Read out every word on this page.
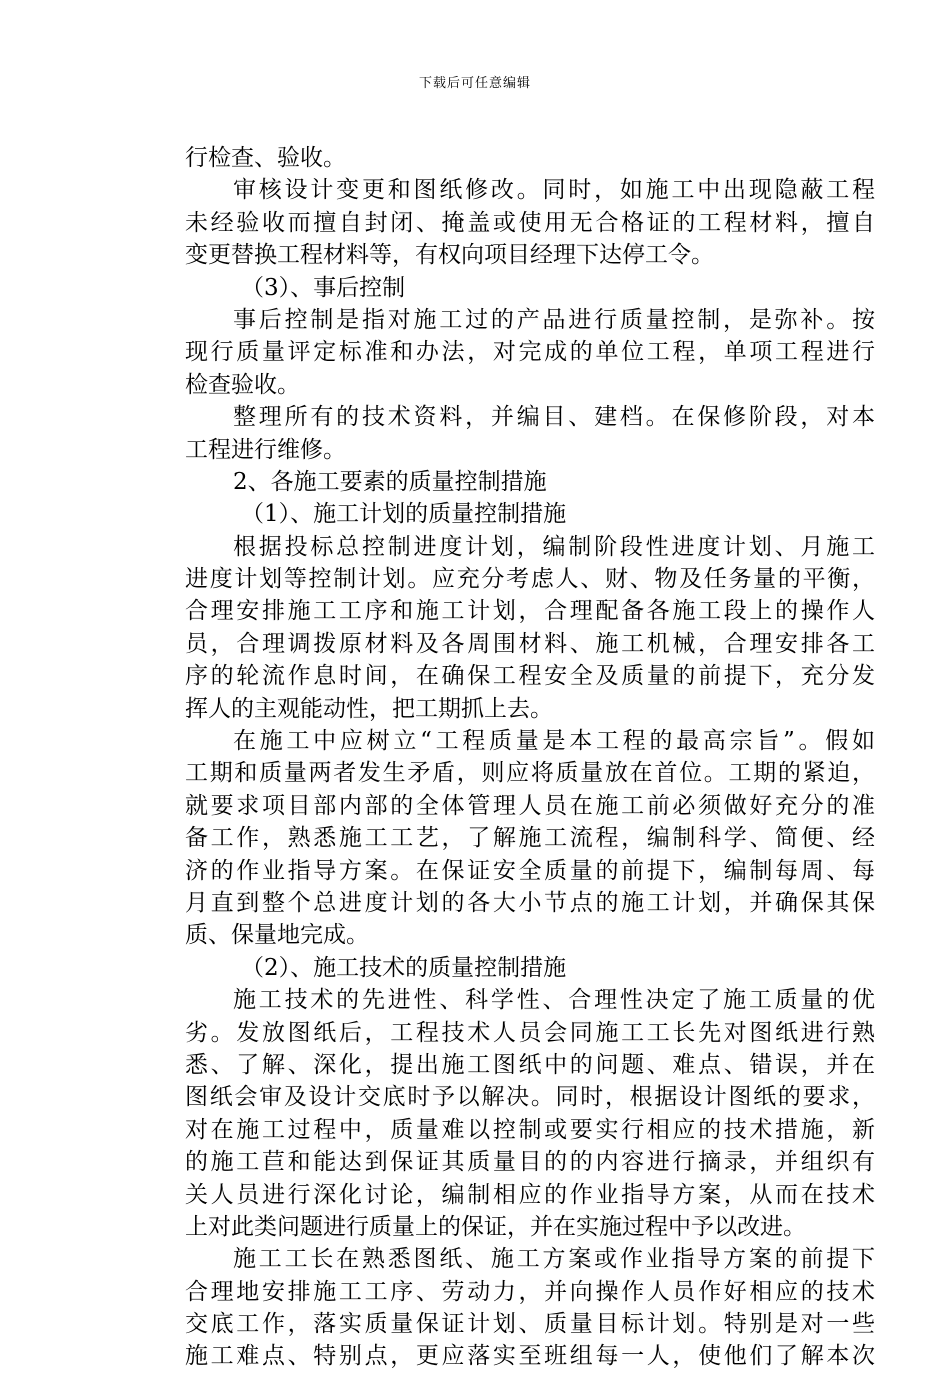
下载后可任意编辑
行检查、验收。
审核设计变更和图纸修改。同时，如施工中出现隐蔽工程
未经验收而擅自封闭、掩盖或使用无合格证的工程材料，擅自
变更替换工程材料等，有权向项目经理下达停工令。
（3）、事后控制
事后控制是指对施工过的产品进行质量控制，是弥补。按
现行质量评定标准和办法，对完成的单位工程，单项工程进行
检查验收。
整理所有的技术资料，并编目、建档。在保修阶段，对本
工程进行维修。
2、各施工要素的质量控制措施
（1）、施工计划的质量控制措施
根据投标总控制进度计划，编制阶段性进度计划、月施工
进度计划等控制计划。应充分考虑人、财、物及任务量的平衡，
合理安排施工工序和施工计划，合理配备各施工段上的操作人
员，合理调拨原材料及各周围材料、施工机械，合理安排各工
序的轮流作息时间，在确保工程安全及质量的前提下，充分发
挥人的主观能动性，把工期抓上去。
在施工中应树立“工程质量是本工程的最高宗旨”。假如
工期和质量两者发生矛盾，则应将质量放在首位。工期的紧迫，
就要求项目部内部的全体管理人员在施工前必须做好充分的准
备工作，熟悉施工工艺，了解施工流程，编制科学、简便、经
济的作业指导方案。在保证安全质量的前提下，编制每周、每
月直到整个总进度计划的各大小节点的施工计划，并确保其保
质、保量地完成。
（2）、施工技术的质量控制措施
施工技术的先进性、科学性、合理性决定了施工质量的优
劣。发放图纸后，工程技术人员会同施工工长先对图纸进行熟
悉、了解、深化，提出施工图纸中的问题、难点、错误，并在
图纸会审及设计交底时予以解决。同时，根据设计图纸的要求，
对在施工过程中，质量难以控制或要实行相应的技术措施，新
的施工苣和能达到保证其质量目的的内容进行摘录，并组织有
关人员进行深化讨论，编制相应的作业指导方案，从而在技术
上对此类问题进行质量上的保证，并在实施过程中予以改进。
施工工长在熟悉图纸、施工方案或作业指导方案的前提下
合理地安排施工工序、劳动力，并向操作人员作好相应的技术
交底工作，落实质量保证计划、质量目标计划。特别是对一些
施工难点、特别点，更应落实至班组每一人，使他们了解本次
